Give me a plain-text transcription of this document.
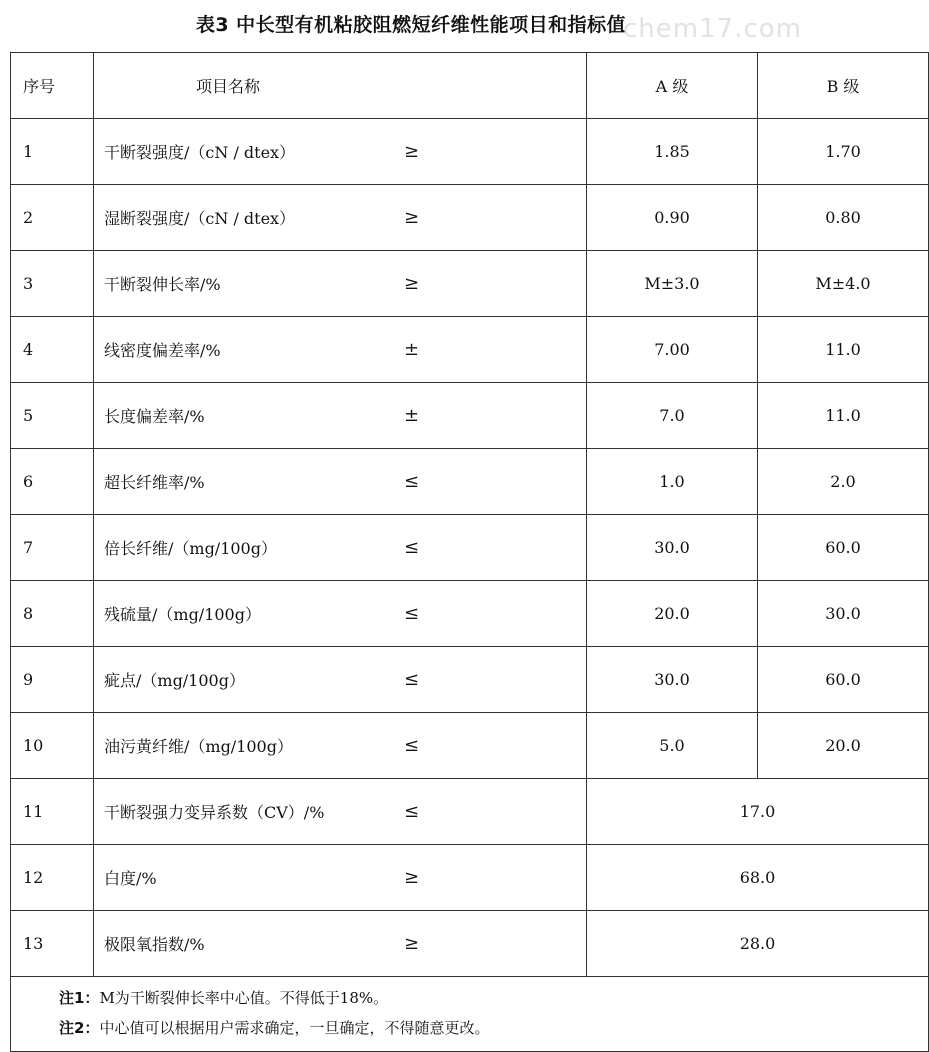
表3 中长型有机粘胶阻燃短纤维性能项目和指标值
chem17.com
序号	项目名称	A 级	B 级
1	干断裂强度/（cN / dtex） ≥	1.85	1.70
2	湿断裂强度/（cN / dtex） ≥	0.90	0.80
3	干断裂伸长率/% ≥	M±3.0	M±4.0
4	线密度偏差率/% ±	7.00	11.0
5	长度偏差率/% ±	7.0	11.0
6	超长纤维率/% ≤	1.0	2.0
7	倍长纤维/（mg/100g） ≤	30.0	60.0
8	残硫量/（mg/100g） ≤	20.0	30.0
9	疵点/（mg/100g） ≤	30.0	60.0
10	油污黄纤维/（mg/100g） ≤	5.0	20.0
11	干断裂强力变异系数（CV）/% ≤	17.0	
12	白度/% ≥	68.0	
13	极限氧指数/% ≥	28.0	

注1：M为干断裂伸长率中心值。不得低于18%。
注2：中心值可以根据用户需求确定，一旦确定，不得随意更改。			
